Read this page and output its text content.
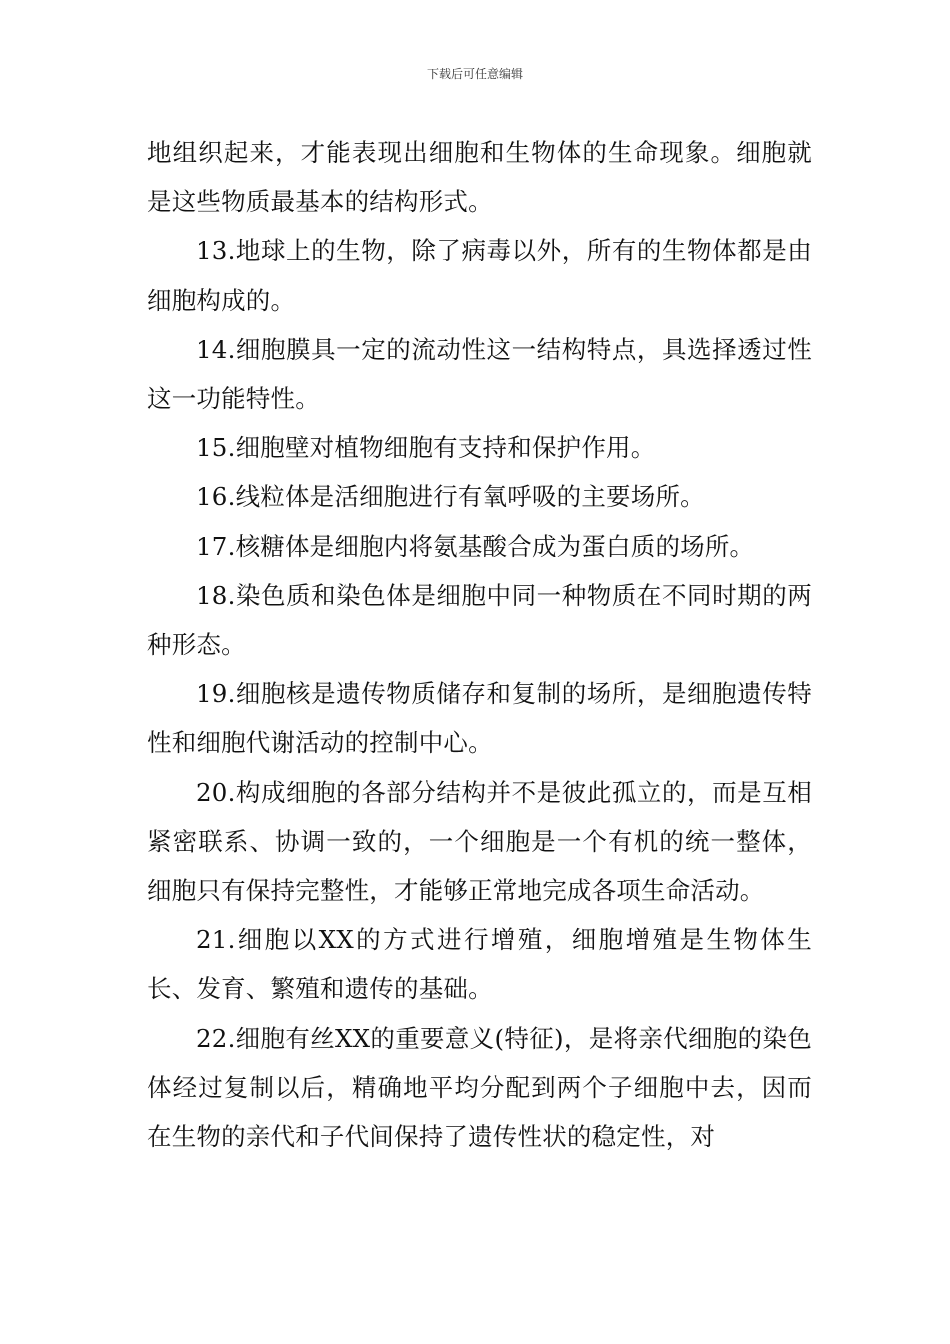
下载后可任意编辑

地组织起来，才能表现出细胞和生物体的生命现象。细胞就是这些物质最基本的结构形式。

13.地球上的生物，除了病毒以外，所有的生物体都是由细胞构成的。

14.细胞膜具一定的流动性这一结构特点，具选择透过性这一功能特性。

15.细胞壁对植物细胞有支持和保护作用。

16.线粒体是活细胞进行有氧呼吸的主要场所。

17.核糖体是细胞内将氨基酸合成为蛋白质的场所。

18.染色质和染色体是细胞中同一种物质在不同时期的两种形态。

19.细胞核是遗传物质储存和复制的场所，是细胞遗传特性和细胞代谢活动的控制中心。

20.构成细胞的各部分结构并不是彼此孤立的，而是互相紧密联系、协调一致的，一个细胞是一个有机的统一整体，细胞只有保持完整性，才能够正常地完成各项生命活动。

21.细胞以XX的方式进行增殖，细胞增殖是生物体生长、发育、繁殖和遗传的基础。

22.细胞有丝XX的重要意义(特征)，是将亲代细胞的染色体经过复制以后，精确地平均分配到两个子细胞中去，因而在生物的亲代和子代间保持了遗传性状的稳定性，对
